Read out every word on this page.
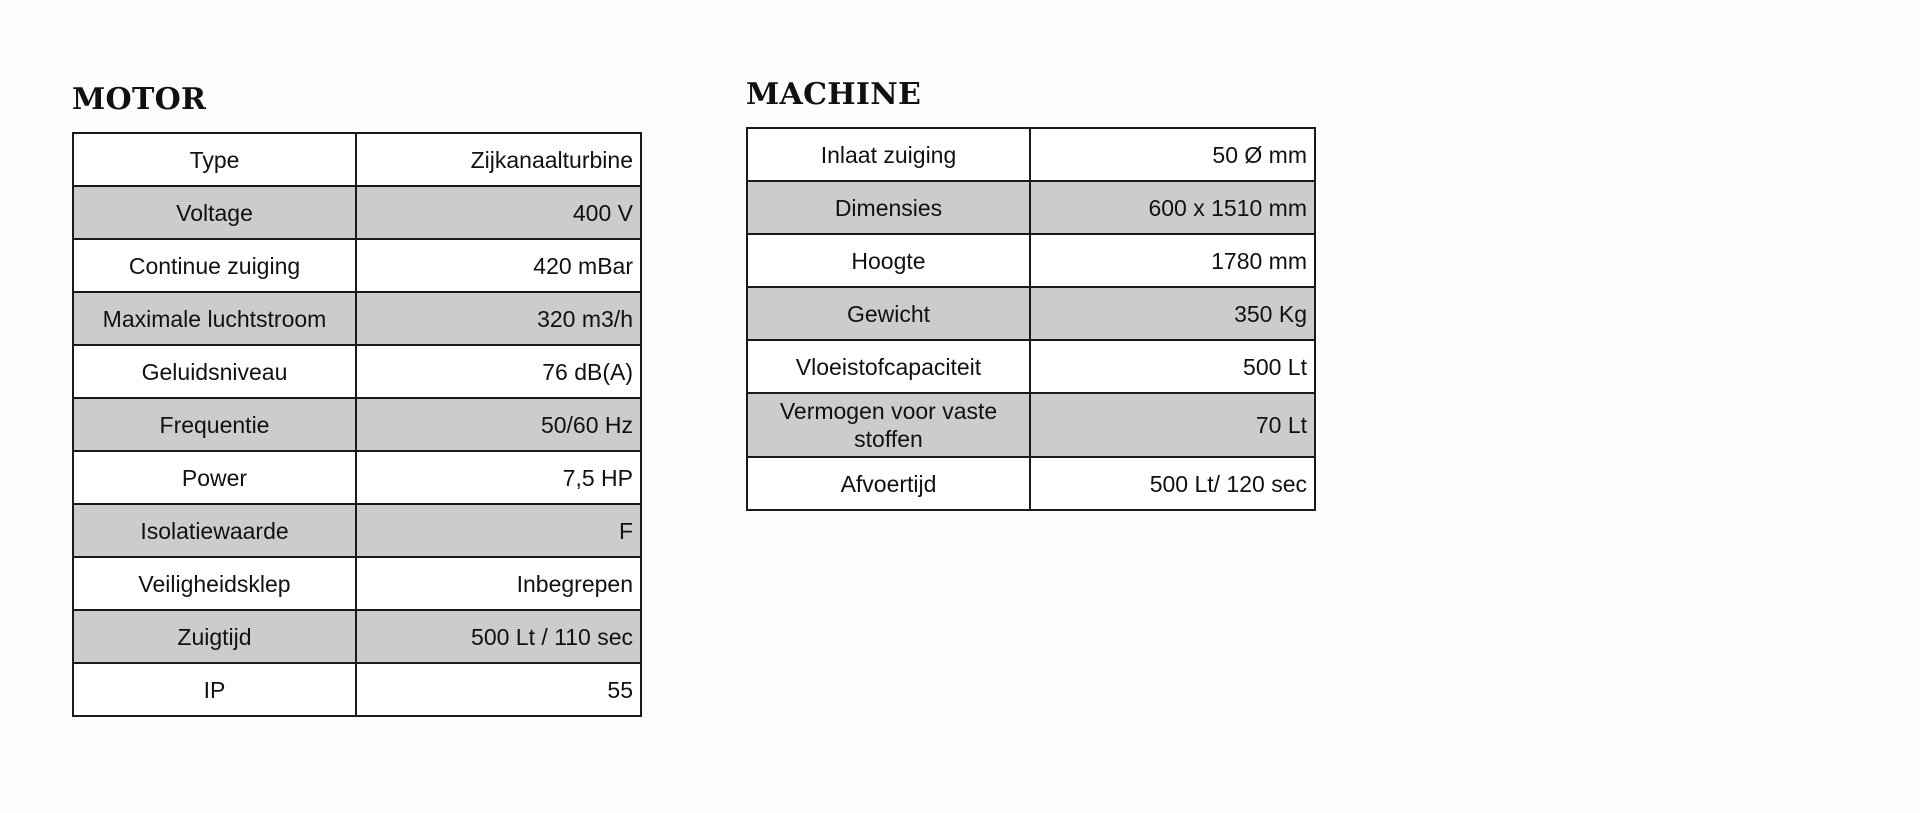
MOTOR
Type	Zijkanaalturbine
Voltage	400 V
Continue zuiging	420 mBar
Maximale luchtstroom	320 m3/h
Geluidsniveau	76 dB(A)
Frequentie	50/60 Hz
Power	7,5 HP
Isolatiewaarde	F
Veiligheidsklep	Inbegrepen
Zuigtijd	500 Lt / 110 sec
IP	55
MACHINE
Inlaat zuiging	50 Ø mm
Dimensies	600 x 1510 mm
Hoogte	1780 mm
Gewicht	350 Kg
Vloeistofcapaciteit	500 Lt
Vermogen voor vaste stoffen	70 Lt
Afvoertijd	500 Lt/ 120 sec
